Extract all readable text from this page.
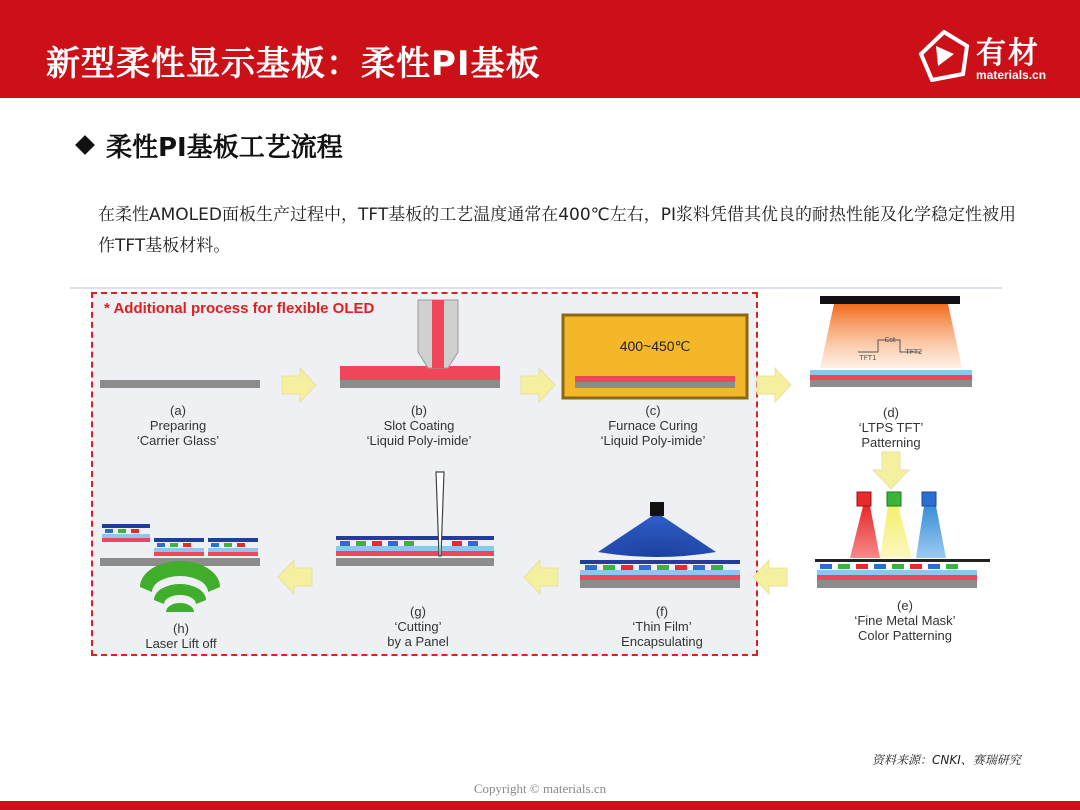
新型柔性显示基板：柔性PI基板	有材
materials.cn
柔性PI基板工艺流程
在柔性AMOLED面板生产过程中，TFT基板的工艺温度通常在400℃左右，PI浆料凭借其优良的耐热性能及化学稳定性被用作TFT基板材料。
* Additional process for flexible OLED
400~450℃
TFT1
TFT2
Cst
(a)
Preparing
‘Carrier Glass’
(b)
Slot Coating
‘Liquid Poly-imide’
(c)
Furnace Curing
‘Liquid Poly-imide’
(d)
‘LTPS TFT’
Patterning
(e)
‘Fine Metal Mask’
Color Patterning
(f)
‘Thin Film’
Encapsulating
(g)
‘Cutting’
by a Panel
(h)
Laser Lift off
资料来源：CNKI、赛瑞研究
Copyright © materials.cn
